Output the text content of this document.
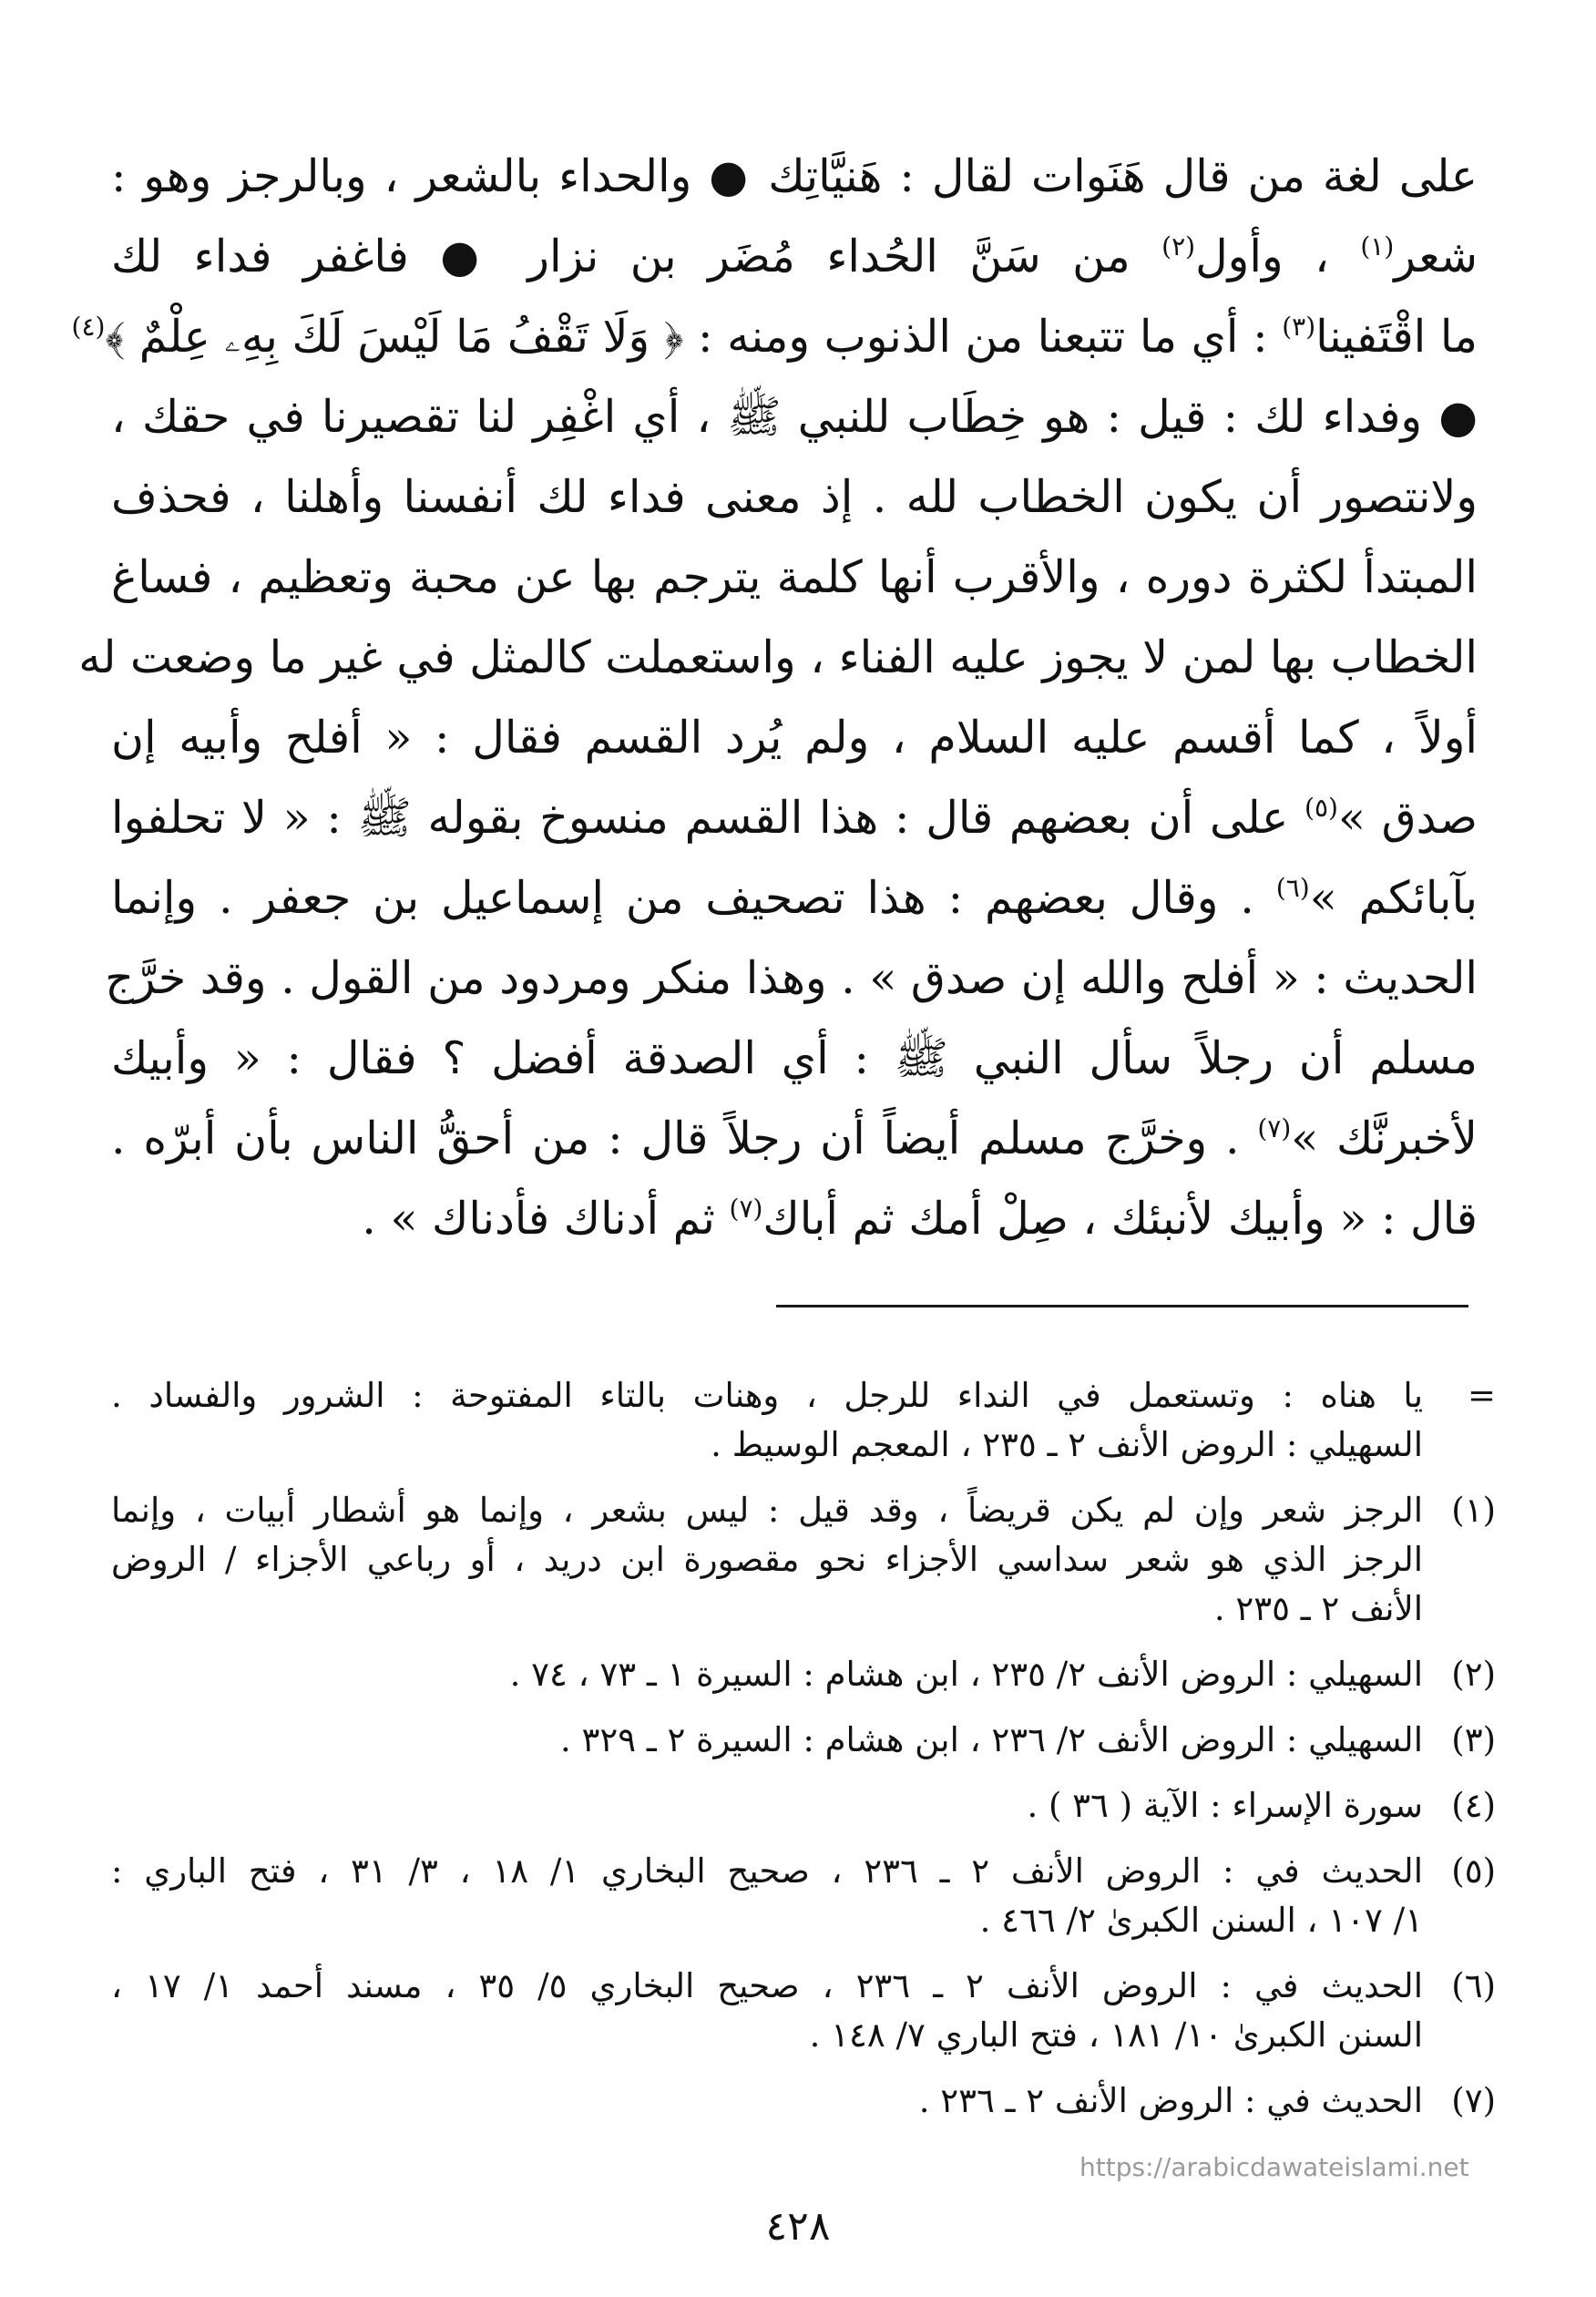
على لغة من قال هَنَوات لقال : هَنيَّاتِك ● والحداء بالشعر ، وبالرجز وهو :
شعر$^{(١)}$ ، وأول$^{(٢)}$ من سَنَّ الحُداء مُضَر بن نزار ● فاغفر فداء لك
ما اقْتَفينا$^{(٣)}$ : أي ما تتبعنا من الذنوب ومنه : ﴿ وَلَا تَقْفُ مَا لَيْسَ لَكَ بِهِۦ عِلْمٌ ﴾$^{(٤)}$
● وفداء لك : قيل : هو خِطَاب للنبي ﷺ ، أي اغْفِر لنا تقصيرنا في حقك ،
ولانتصور أن يكون الخطاب لله . إذ معنى فداء لك أنفسنا وأهلنا ، فحذف
المبتدأ لكثرة دوره ، والأقرب أنها كلمة يترجم بها عن محبة وتعظيم ، فساغ
الخطاب بها لمن لا يجوز عليه الفناء ، واستعملت كالمثل في غير ما وضعت له
أولاً ، كما أقسم عليه السلام ، ولم يُرد القسم فقال : « أفلح وأبيه إن
صدق »$^{(٥)}$ على أن بعضهم قال : هذا القسم منسوخ بقوله ﷺ : « لا تحلفوا
بآبائكم »$^{(٦)}$ . وقال بعضهم : هذا تصحيف من إسماعيل بن جعفر . وإنما
الحديث : « أفلح والله إن صدق » . وهذا منكر ومردود من القول . وقد خرَّج
مسلم أن رجلاً سأل النبي ﷺ : أي الصدقة أفضل ؟ فقال : « وأبيك
لأخبرنَّك »$^{(٧)}$ . وخرَّج مسلم أيضاً أن رجلاً قال : من أحقُّ الناس بأن أبرّه .
قال : « وأبيك لأنبئك ، صِلْ أمك ثم أباك$^{(٧)}$ ثم أدناك فأدناك » .
=
يا هناه : وتستعمل في النداء للرجل ، وهنات بالتاء المفتوحة : الشرور والفساد .
السهيلي : الروض الأنف ٢ ـ ٢٣٥ ، المعجم الوسيط .
(١)
الرجز شعر وإن لم يكن قريضاً ، وقد قيل : ليس بشعر ، وإنما هو أشطار أبيات ، وإنما
الرجز الذي هو شعر سداسي الأجزاء نحو مقصورة ابن دريد ، أو رباعي الأجزاء / الروض
الأنف ٢ ـ ٢٣٥ .
(٢)
السهيلي : الروض الأنف ٢/ ٢٣٥ ، ابن هشام : السيرة ١ ـ ٧٣ ، ٧٤ .
(٣)
السهيلي : الروض الأنف ٢/ ٢٣٦ ، ابن هشام : السيرة ٢ ـ ٣٢٩ .
(٤)
سورة الإسراء : الآية ( ٣٦ ) .
(٥)
الحديث في : الروض الأنف ٢ ـ ٢٣٦ ، صحيح البخاري ١/ ١٨ ، ٣/ ٣١ ، فتح الباري :
١/ ١٠٧ ، السنن الكبرىٰ ٢/ ٤٦٦ .
(٦)
الحديث في : الروض الأنف ٢ ـ ٢٣٦ ، صحيح البخاري ٥/ ٣٥ ، مسند أحمد ١/ ١٧ ،
السنن الكبرىٰ ١٠/ ١٨١ ، فتح الباري ٧/ ١٤٨ .
(٧)
الحديث في : الروض الأنف ٢ ـ ٢٣٦ .
https://arabicdawateislami.net
٤٢٨
